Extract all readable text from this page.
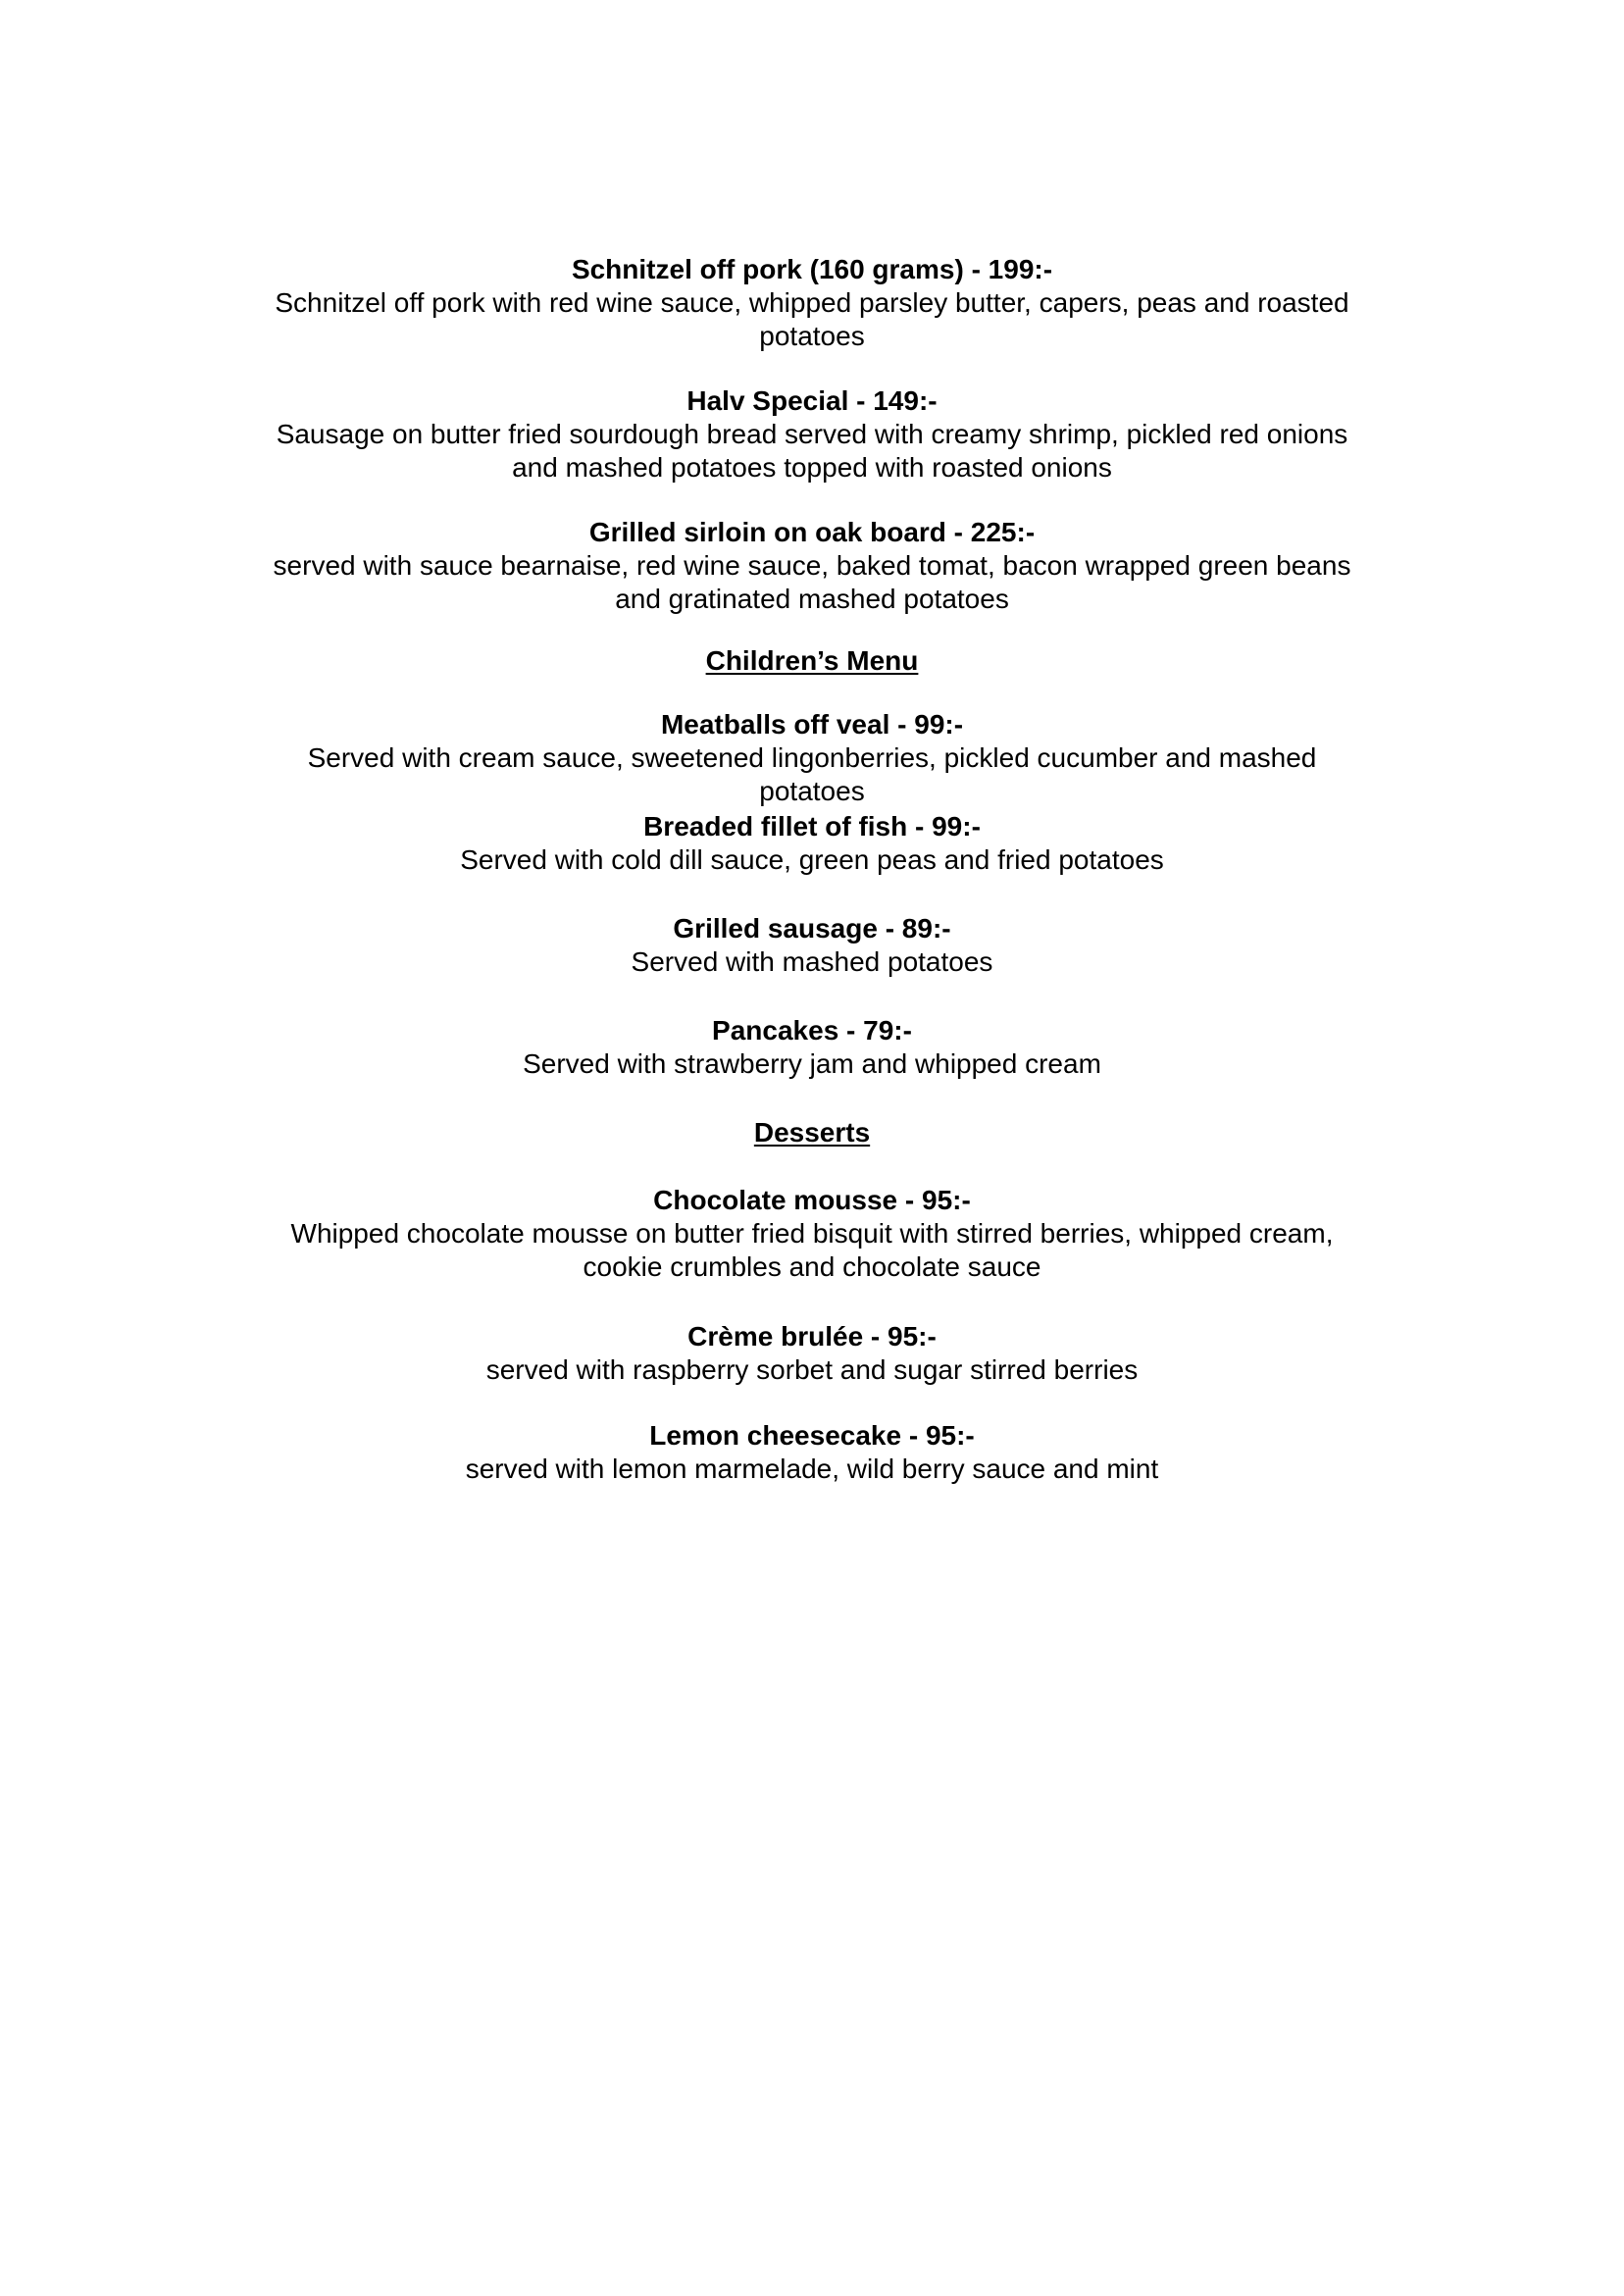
Schnitzel off pork (160 grams) - 199:-
Schnitzel off pork with red wine sauce, whipped parsley butter, capers, peas and roasted potatoes
Halv Special - 149:-
Sausage on butter fried sourdough bread served with creamy shrimp, pickled red onions and mashed potatoes topped with roasted onions
Grilled sirloin on oak board - 225:-
served with sauce bearnaise, red wine sauce, baked tomat, bacon wrapped green beans and gratinated mashed potatoes
Children’s Menu
Meatballs off veal - 99:-
Served with cream sauce, sweetened lingonberries, pickled cucumber and mashed potatoes
Breaded fillet of fish - 99:-
Served with cold dill sauce, green peas and fried potatoes
Grilled sausage - 89:-
Served with mashed potatoes
Pancakes - 79:-
Served with strawberry jam and whipped cream
Desserts
Chocolate mousse - 95:-
Whipped chocolate mousse on butter fried bisquit with stirred berries, whipped cream, cookie crumbles and chocolate sauce
Crème brulée - 95:-
served with raspberry sorbet and sugar stirred berries
Lemon cheesecake - 95:-
served with lemon marmelade, wild berry sauce and mint
